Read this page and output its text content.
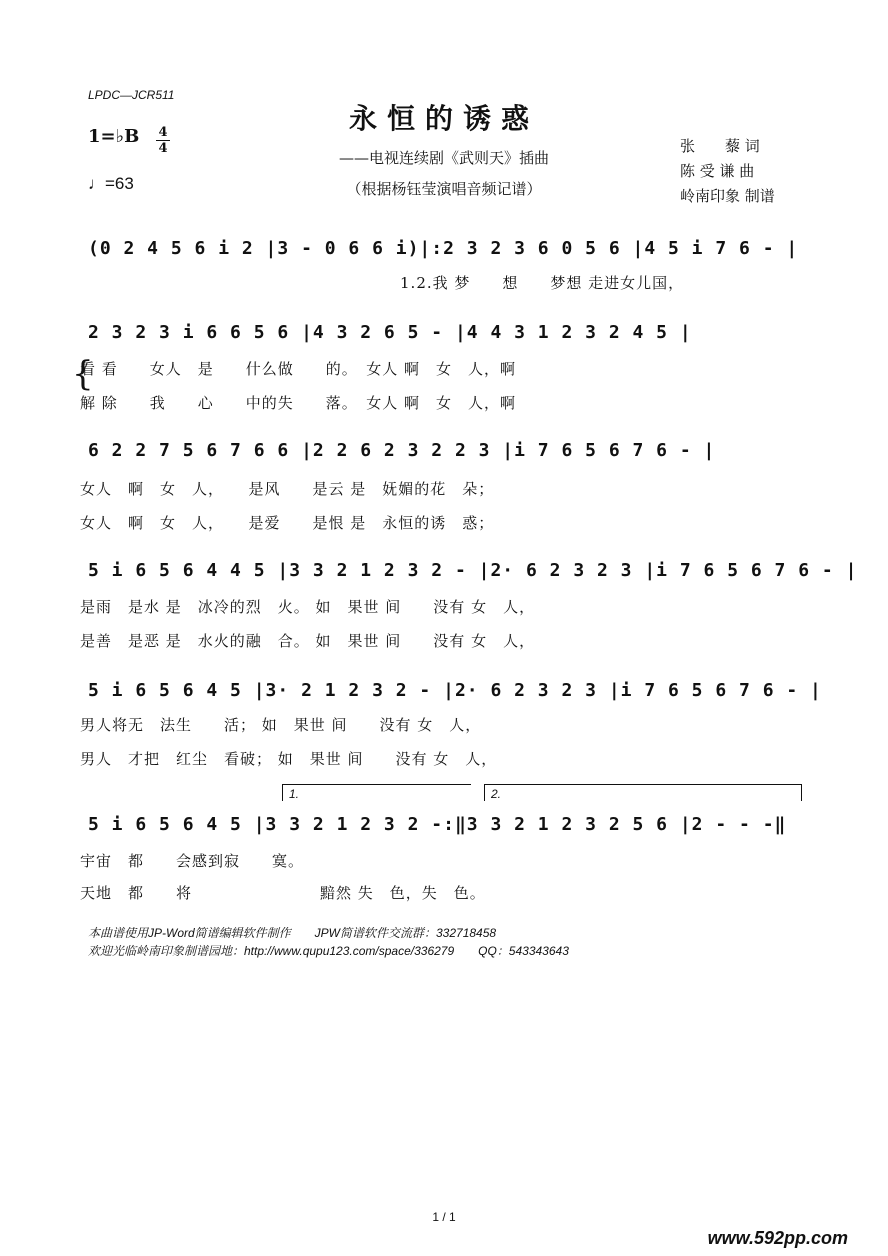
LPDC—JCR511
永恒的诱惑
——电视连续剧《武则天》插曲
（根据杨钰莹演唱音频记谱）
张　　藜 词
陈 受 谦 曲
岭南印象 制谱
1=♭B 4
4
♩=63
(0 2 4 5 6 i 2 |3 - 0 6 6 i)|:2 3 2 3 6 0 5 6 |4 5 i 7 6 - |
　　　　　　　　　　　　　　　　　　　　1.2.我 梦　　想　　梦想 走进女儿国，
2 3 2 3 i 6 6 5 6 |4 3 2 6 5 - |4 4 3 1 2 3 2 4 5 |
{
看 看　　女人　是　　什么做　　的。　女人 啊　女　人，啊
解 除　　我　　心　　中的失　　落。　女人 啊　女　人，啊
6 2 2 7 5 6 7 6 6 |2 2 6 2 3 2 2 3 |i 7 6 5 6 7 6 - |
女人　啊　女　人，　　是风　　是云 是　妩媚的花　朵；
女人　啊　女　人，　　是爱　　是恨 是　永恒的诱　惑；
5 i 6 5 6 4 4 5 |3 3 2 1 2 3 2 - |2· 6 2 3 2 3 |i 7 6 5 6 7 6 - |
是雨　是水 是　冰冷的烈　火。 如　果世 间　　没有 女　人，
是善　是恶 是　水火的融　合。 如　果世 间　　没有 女　人，
5 i 6 5 6 4 5 |3· 2 1 2 3 2 - |2· 6 2 3 2 3 |i 7 6 5 6 7 6 - |
男人将无　法生　　活； 如　果世 间　　没有 女　人，
男人　才把　红尘　看破； 如　果世 间　　没有 女　人，
1.	2.
5 i 6 5 6 4 5 |3 3 2 1 2 3 2 -:‖3 3 2 1 2 3 2 5 6 |2 - - -‖
宇宙　都　　会感到寂　　寞。
天地　都　　将　　　　　　　　黯然 失　色，失　色。
本曲谱使用JP-Word简谱编辑软件制作　　JPW简谱软件交流群：332718458
欢迎光临岭南印象制谱园地：http://www.qupu123.com/space/336279　　QQ：543343643
1 / 1
www.592pp.com
